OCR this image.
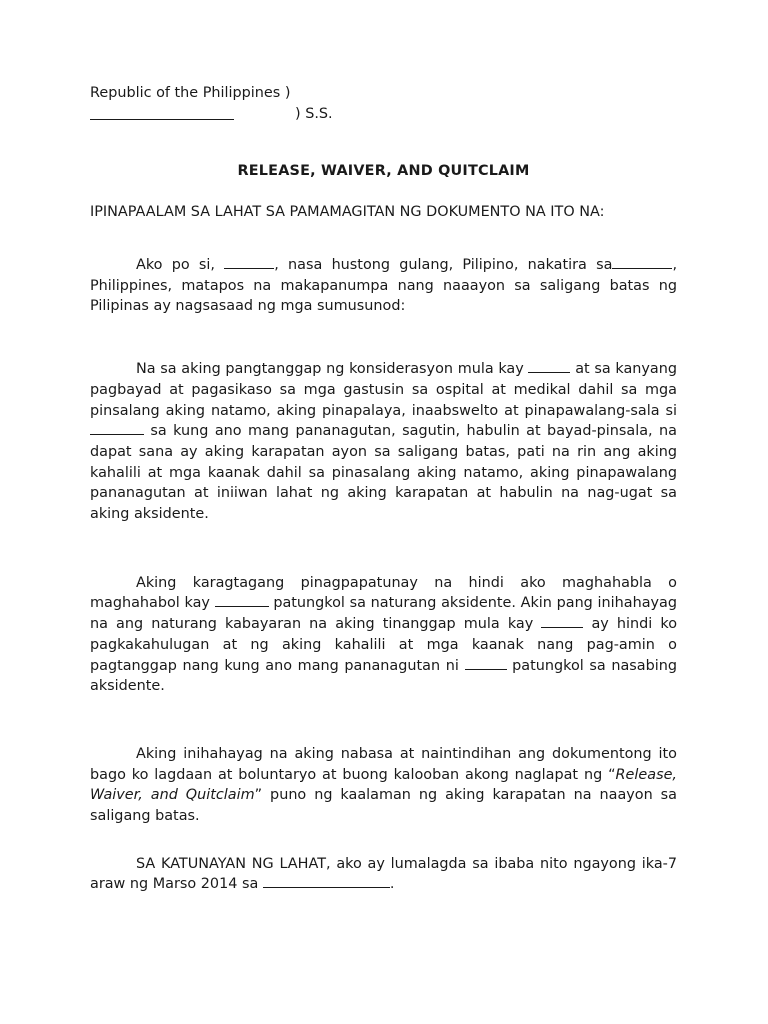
Republic of the Philippines )
) S.S.
RELEASE, WAIVER, AND QUITCLAIM
IPINAPAALAM SA LAHAT SA PAMAMAGITAN NG DOKUMENTO NA ITO NA:

Ako po si,	, nasa hustong gulang, Pilipino, nakatira sa	, Philippines, matapos na makapanumpa nang naaayon sa saligang batas ng Pilipinas ay nagsasaad ng mga sumusunod:

Na sa aking pangtanggap ng konsiderasyon mula kay	at sa kanyang pagbayad at pagasikaso sa mga gastusin sa ospital at medikal dahil sa mga pinsalang aking natamo, aking pinapalaya, inaabswelto at pinapawalang-sala si  sa kung ano mang pananagutan, sagutin, habulin at bayad-pinsala, na dapat sana ay aking karapatan ayon sa saligang batas, pati na rin ang aking kahalili at mga kaanak dahil sa pinasalang aking natamo, aking pinapawalang pananagutan at iniiwan lahat ng aking karapatan at habulin na nag-ugat sa aking aksidente.

Aking karagtagang pinagpapatunay na hindi ako maghahabla o maghahabol kay	patungkol sa naturang aksidente. Akin pang inihahayag na ang naturang kabayaran na aking tinanggap mula kay	ay hindi ko pagkakahulugan at ng aking kahalili at mga kaanak nang pag-amin o pagtanggap nang kung ano mang pananagutan ni	patungkol sa nasabing aksidente.

Aking inihahayag na aking nabasa at naintindihan ang dokumentong ito bago ko lagdaan at boluntaryo at buong kalooban akong naglapat ng “Release, Waiver, and Quitclaim” puno ng kaalaman ng aking karapatan na naayon sa saligang batas.

SA KATUNAYAN NG LAHAT, ako ay lumalagda sa ibaba nito ngayong ika-7 araw ng Marso 2014 sa	.
